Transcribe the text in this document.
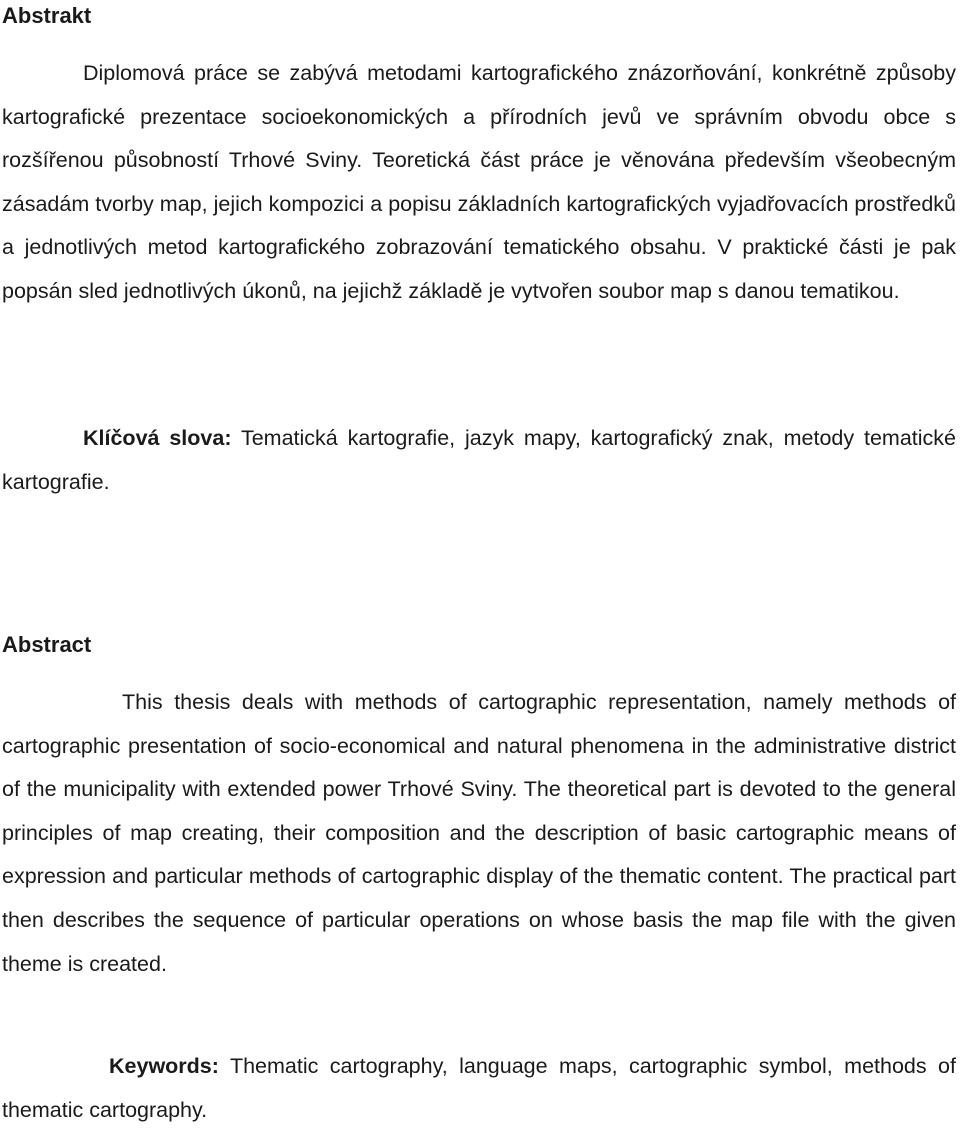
Abstrakt

Diplomová práce se zabývá metodami kartografického znázorňování, konkrétně způsoby kartografické prezentace socioekonomických a přírodních jevů ve správním obvodu obce s rozšířenou působností Trhové Sviny. Teoretická část práce je věnována především všeobecným zásadám tvorby map, jejich kompozici a popisu základních kartografických vyjadřovacích prostředků a jednotlivých metod kartografického zobrazování tematického obsahu. V praktické části je pak popsán sled jednotlivých úkonů, na jejichž základě je vytvořen soubor map s danou tematikou.

Klíčová slova: Tematická kartografie, jazyk mapy, kartografický znak, metody tematické kartografie.

Abstract

This thesis deals with methods of cartographic representation, namely methods of cartographic presentation of socio-economical and natural phenomena in the administrative district of the municipality with extended power Trhové Sviny. The theoretical part is devoted to the general principles of map creating, their composition and the description of basic cartographic means of expression and particular methods of cartographic display of the thematic content. The practical part then describes the sequence of particular operations on whose basis the map file with the given theme is created.

Keywords: Thematic cartography, language maps, cartographic symbol, methods of thematic cartography.
